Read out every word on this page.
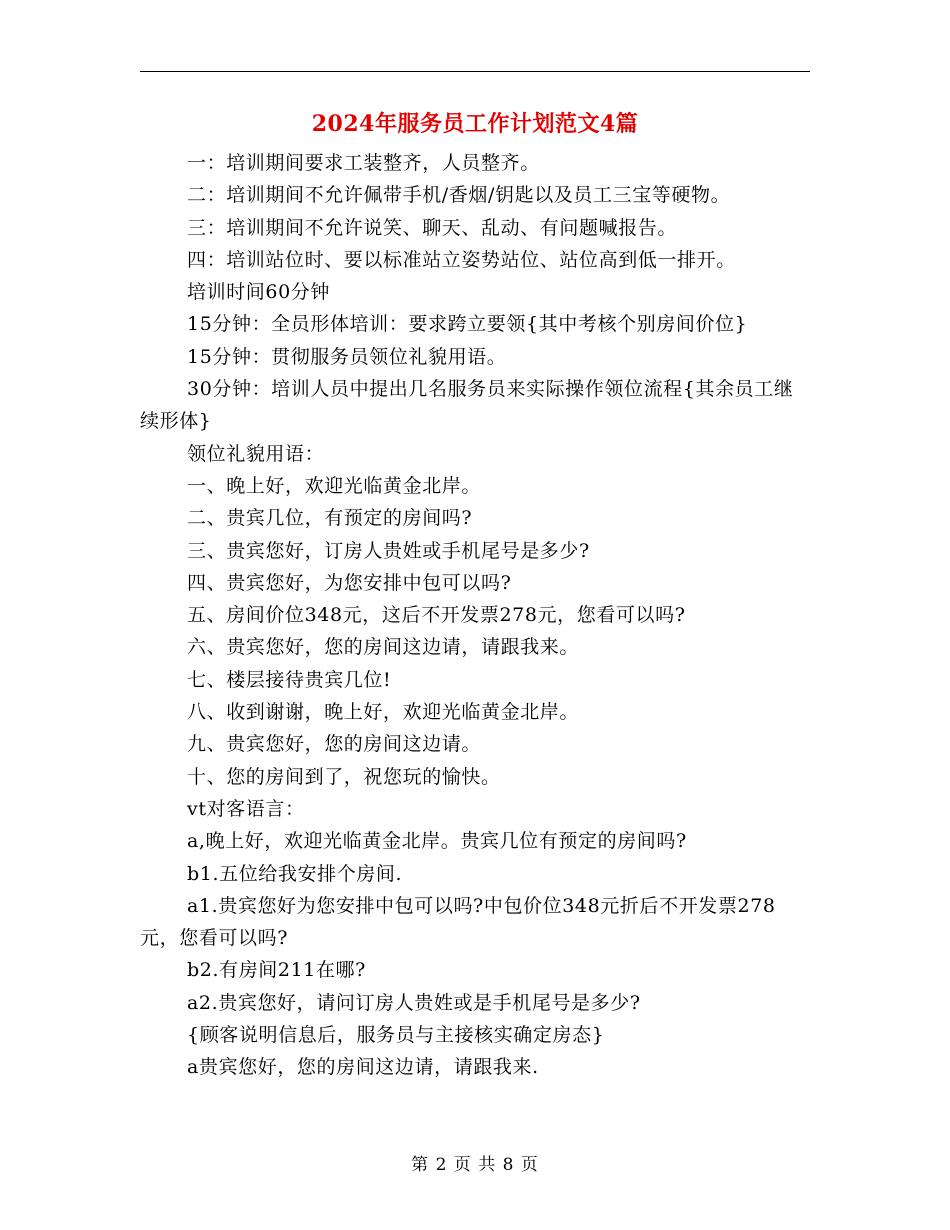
2024年服务员工作计划范文4篇

一：培训期间要求工装整齐，人员整齐。

二：培训期间不允许佩带手机/香烟/钥匙以及员工三宝等硬物。

三：培训期间不允许说笑、聊天、乱动、有问题喊报告。

四：培训站位时、要以标准站立姿势站位、站位高到低一排开。

培训时间60分钟

15分钟：全员形体培训：要求跨立要领{其中考核个别房间价位}

15分钟：贯彻服务员领位礼貌用语。

30分钟：培训人员中提出几名服务员来实际操作领位流程{其余员工继续形体}

领位礼貌用语：

一、晚上好，欢迎光临黄金北岸。

二、贵宾几位，有预定的房间吗?

三、贵宾您好，订房人贵姓或手机尾号是多少?

四、贵宾您好，为您安排中包可以吗?

五、房间价位348元，这后不开发票278元，您看可以吗?

六、贵宾您好，您的房间这边请，请跟我来。

七、楼层接待贵宾几位!

八、收到谢谢，晚上好，欢迎光临黄金北岸。

九、贵宾您好，您的房间这边请。

十、您的房间到了，祝您玩的愉快。

vt对客语言：

a,晚上好，欢迎光临黄金北岸。贵宾几位有预定的房间吗?

b1.五位给我安排个房间.

a1.贵宾您好为您安排中包可以吗?中包价位348元折后不开发票278元，您看可以吗?

b2.有房间211在哪?

a2.贵宾您好，请问订房人贵姓或是手机尾号是多少?

{顾客说明信息后，服务员与主接核实确定房态}

a贵宾您好，您的房间这边请，请跟我来.

第 2 页 共 8 页
